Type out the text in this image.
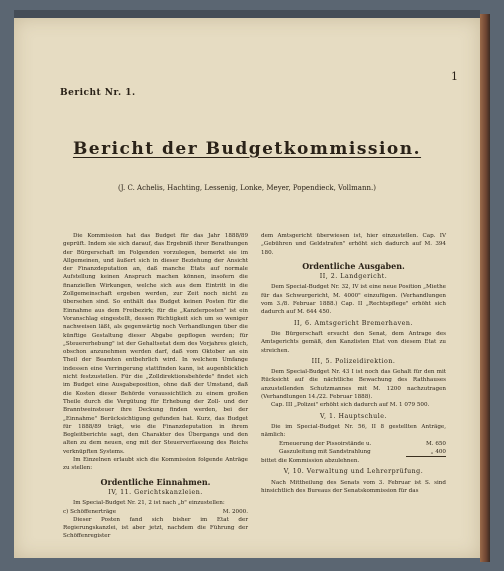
1
Bericht Nr. 1.
Bericht der Budgetkommission.
(J. C. Achelis, Hachting, Lessenig, Lonke, Meyer, Popendieck, Vollmann.)

Die Kommission hat das Budget für das Jahr 1888/89 geprüft. Indem sie sich darauf, das Ergebniß ihrer Berathungen der Bürgerschaft im Folgenden vorzulegen, bemerkt sie im Allgemeinen, und äußert sich in dieser Beziehung der Ansicht der Finanzdeputation an, daß manche Etats auf normale Aufstellung keinen Anspruch machen können, insofern die finanziellen Wirkungen, welche sich aus dem Eintritt in die Zollgemeinschaft ergeben werden, zur Zeit noch nicht zu übersehen sind. So enthält das Budget keinen Posten für die Einnahme aus dem Freibezirk; für die „Kanzlerposten" ist ein Voranschlag eingestellt, dessen Richtigkeit sich um so weniger nachweisen läßt, als gegenwärtig noch Verhandlungen über die künftige Gestaltung dieser Abgabe gepflogen werden; für „Steuererhebung" ist der Gehaltsetat dem des Vorjahres gleich, obschon anzunehmen werden darf, daß vom Oktober an ein Theil der Beamten entbehrlich wird. In welchem Umfange indessen eine Verringerung stattfinden kann, ist augenblicklich nicht festzustellen. Für die „Zolldirektionsbehörde" findet sich im Budget eine Ausgabeposition, ohne daß der Umstand, daß die Kosten dieser Behörde voraussichtlich zu einem großen Theile durch die Vergütung für Erhebung der Zoll- und der Branntweinsteuer ihre Deckung finden werden, bei der „Einnahme" Berücksichtigung gefunden hat. Kurz, das Budget für 1888/89 trägt, wie die Finanzdeputation in ihrem Begleitberichte sagt, den Charakter des Übergangs und den alten zu dem neuen, eng mit der Steuerverfassung des Reichs verknüpften Systems.

Im Einzelnen erlaubt sich die Kommission folgende Anträge zu stellen:

Ordentliche Einnahmen.

IV, 11. Gerichtskanzleien.

Im Special-Budget Nr. 21, 2 ist nach „b" einzustellen:

c) Schöffenerträge	M. 2000.

Dieser Posten fand sich bisher im Etat der Regierungskanzlei, ist aber jetzt, nachdem die Führung der Schöffenregister

dem Amtsgericht überwiesen ist, hier einzustellen. Cap. IV „Gebühren und Geldstrafen" erhöht sich dadurch auf M. 394 180.

Ordentliche Ausgaben.

II, 2. Landgericht.

Dem Special-Budget Nr. 32, IV ist eine neue Position „Miethe für das Schwurgericht, M. 4000" einzufügen. (Verhandlungen vom 3./8. Februar 1888.) Cap. II „Rechtspflege" erhöht sich dadurch auf M. 644 450.

II, 6. Amtsgericht Bremerhaven.

Die Bürgerschaft ersucht den Senat, dem Antrage des Amtsgerichts gemäß, den Kanzlisten Etat von diesem Etat zu streichen.

III, 5. Polizeidirektion.

Dem Special-Budget Nr. 43 I ist noch das Gehalt für den mit Rücksicht auf die nächtliche Bewachung des Rathhauses anzustellenden Schutzmannes mit M. 1200 nachzutragen (Verhandlungen 14./22. Februar 1888).

Cap. III „Polizei" erhöht sich dadurch auf M. 1 079 500.

V, 1. Hauptschule.

Die im Special-Budget Nr. 56, II 8 gestellten Anträge, nämlich:

Erneuerung der Pissoirstände u.	M. 650

Gaszuleitung mit Sandstrahlung	„ 400

bittet die Kommission abzulehnen.

V, 10. Verwaltung und Lehrerprüfung.

Nach Mittheilung des Senats vom 3. Februar ist S. sind hinsichtlich des Bureaus der Senatskommission für das
